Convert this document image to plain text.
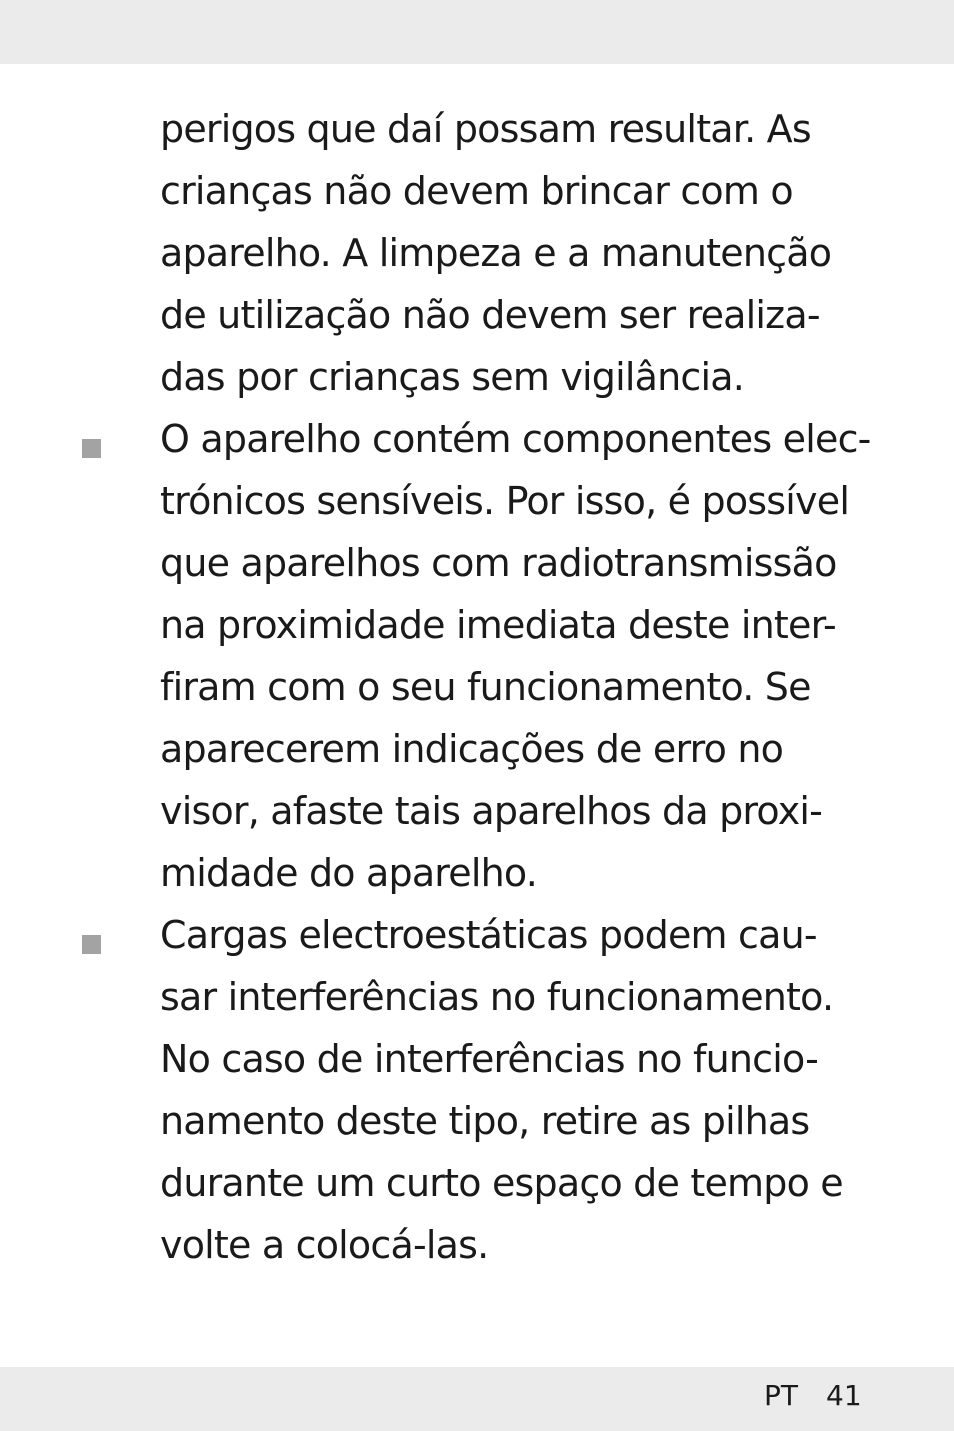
perigos que daí possam resultar. As
crianças não devem brincar com o
aparelho. A limpeza e a manutenção
de utilização não devem ser realiza-
das por crianças sem vigilância.
O aparelho contém componentes elec-
trónicos sensíveis. Por isso, é possível
que aparelhos com radiotransmissão
na proximidade imediata deste inter-
firam com o seu funcionamento. Se
aparecerem indicações de erro no
visor, afaste tais aparelhos da proxi-
midade do aparelho.
Cargas electroestáticas podem cau-
sar interferências no funcionamento.
No caso de interferências no funcio-
namento deste tipo, retire as pilhas
durante um curto espaço de tempo e
volte a colocá-las.
PT 41
